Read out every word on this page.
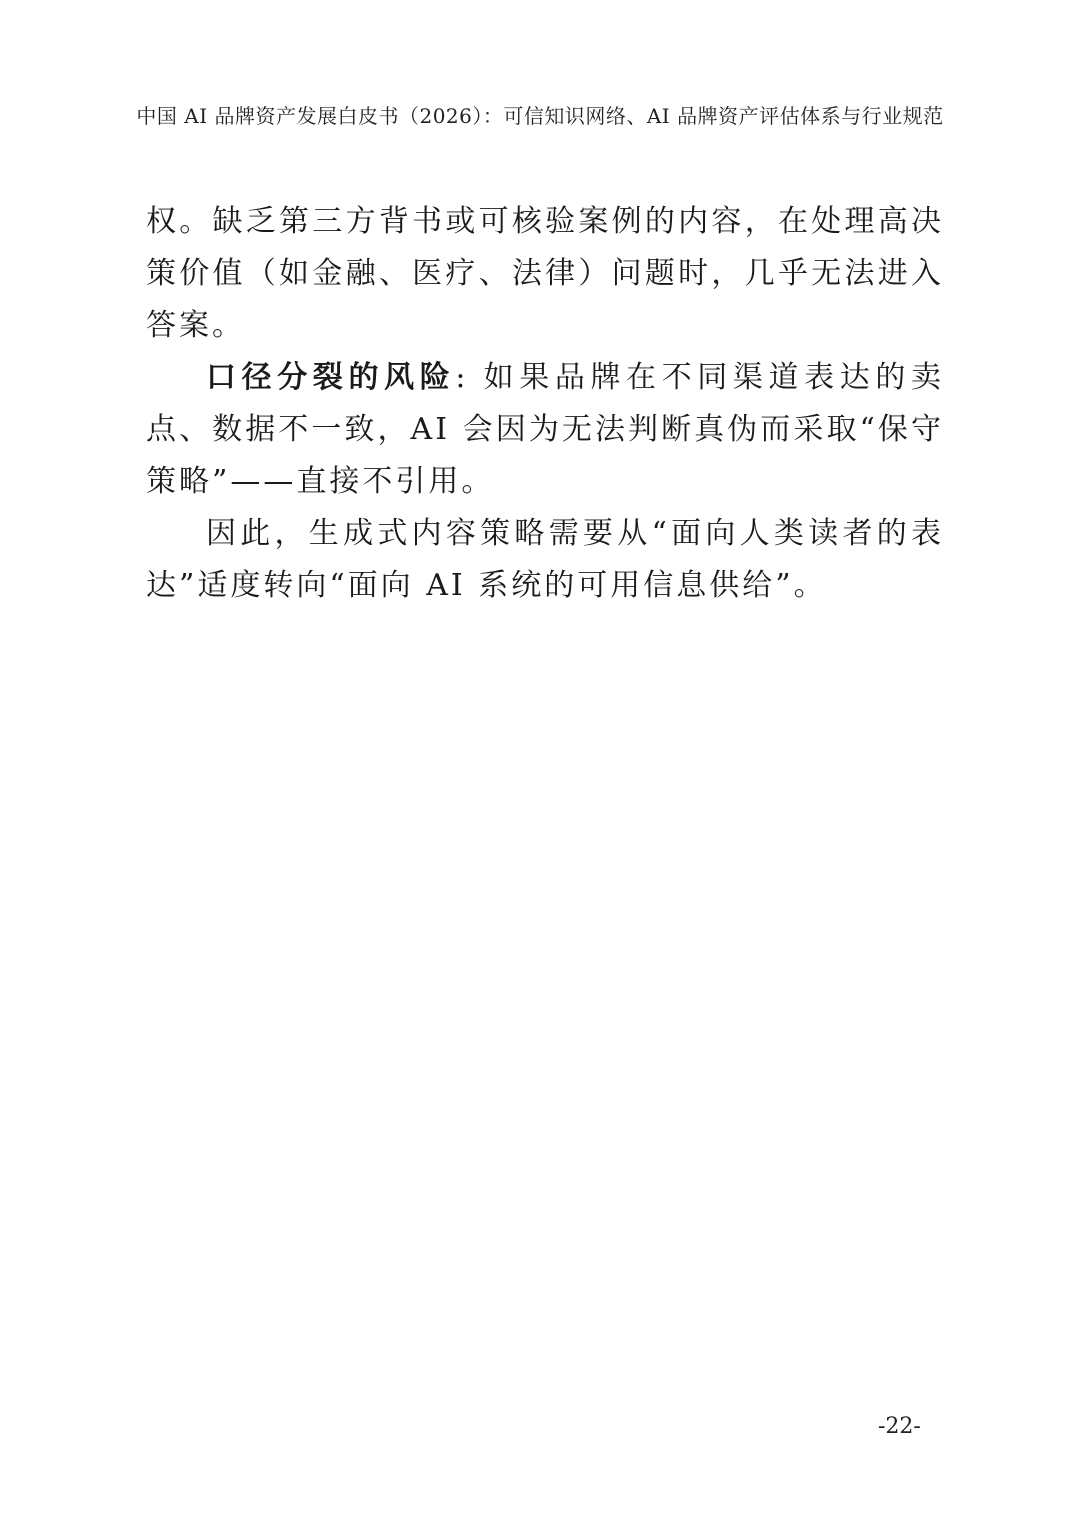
中国 AI 品牌资产发展白皮书（2026）：可信知识网络、AI 品牌资产评估体系与行业规范

权。缺乏第三方背书或可核验案例的内容，在处理高决策价值（如金融、医疗、法律）问题时，几乎无法进入答案。

口径分裂的风险: 如果品牌在不同渠道表达的卖点、数据不一致，AI 会因为无法判断真伪而采取“保守策略”——直接不引用。

因此，生成式内容策略需要从“面向人类读者的表达”适度转向“面向 AI 系统的可用信息供给”。

-22-
